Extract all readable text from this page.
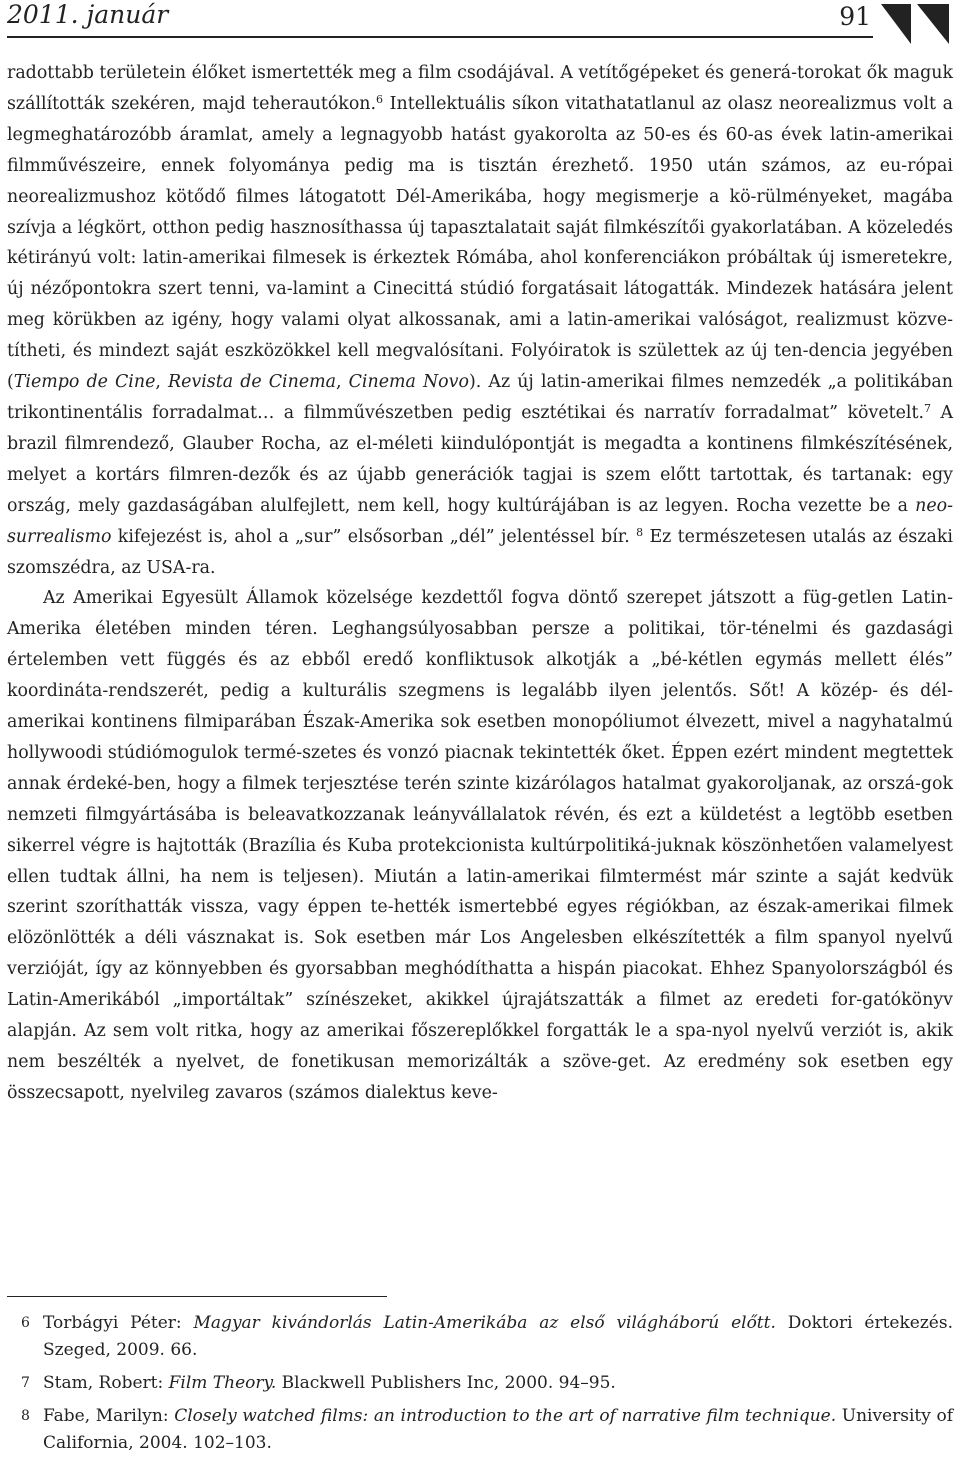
2011. január	91

radottabb területein élőket ismertették meg a film csodájával. A vetítőgépeket és generá-torokat ők maguk szállították szekéren, majd teherautókon.$^6$ Intellektuális síkon vitathatatlanul az olasz neorealizmus volt a legmeghatározóbb áramlat, amely a legnagyobb hatást gyakorolta az 50-es és 60-as évek latin-amerikai filmművészeire, ennek folyománya pedig ma is tisztán érezhető. 1950 után számos, az eu-rópai neorealizmushoz kötődő filmes látogatott Dél-Amerikába, hogy megismerje a kö-rülményeket, magába szívja a légkört, otthon pedig hasznosíthassa új tapasztalatait saját filmkészítői gyakorlatában. A közeledés kétirányú volt: latin-amerikai filmesek is érkeztek Rómába, ahol konferenciákon próbáltak új ismeretekre, új nézőpontokra szert tenni, va-lamint a Cinecittá stúdió forgatásait látogatták. Mindezek hatására jelent meg körükben az igény, hogy valami olyat alkossanak, ami a latin-amerikai valóságot, realizmust közve-títheti, és mindezt saját eszközökkel kell megvalósítani. Folyóiratok is születtek az új ten-dencia jegyében (Tiempo de Cine, Revista de Cinema, Cinema Novo). Az új latin-amerikai filmes nemzedék „a politikában trikontinentális forradalmat… a filmművészetben pedig esztétikai és narratív forradalmat” követelt.$^7$ A brazil filmrendező, Glauber Rocha, az el-méleti kiindulópontját is megadta a kontinens filmkészítésének, melyet a kortárs filmren-dezők és az újabb generációk tagjai is szem előtt tartottak, és tartanak: egy ország, mely gazdaságában alulfejlett, nem kell, hogy kultúrájában is az legyen. Rocha vezette be a neo-surrealismo kifejezést is, ahol a „sur” elsősorban „dél” jelentéssel bír. $^8$ Ez természetesen utalás az északi szomszédra, az USA-ra.

Az Amerikai Egyesült Államok közelsége kezdettől fogva döntő szerepet játszott a füg-getlen Latin-Amerika életében minden téren. Leghangsúlyosabban persze a politikai, tör-ténelmi és gazdasági értelemben vett függés és az ebből eredő konfliktusok alkotják a „bé-kétlen egymás mellett élés” koordináta-rendszerét, pedig a kulturális szegmens is legalább ilyen jelentős. Sőt! A közép- és dél-amerikai kontinens filmiparában Észak-Amerika sok esetben monopóliumot élvezett, mivel a nagyhatalmú hollywoodi stúdiómogulok termé-szetes és vonzó piacnak tekintették őket. Éppen ezért mindent megtettek annak érdeké-ben, hogy a filmek terjesztése terén szinte kizárólagos hatalmat gyakoroljanak, az orszá-gok nemzeti filmgyártásába is beleavatkozzanak leányvállalatok révén, és ezt a küldetést a legtöbb esetben sikerrel végre is hajtották (Brazília és Kuba protekcionista kultúrpolitiká-juknak köszönhetően valamelyest ellen tudtak állni, ha nem is teljesen). Miután a latin-amerikai filmtermést már szinte a saját kedvük szerint szoríthatták vissza, vagy éppen te-hették ismertebbé egyes régiókban, az észak-amerikai filmek elözönlötték a déli vásznakat is. Sok esetben már Los Angelesben elkészítették a film spanyol nyelvű verzióját, így az könnyebben és gyorsabban meghódíthatta a hispán piacokat. Ehhez Spanyolországból és Latin-Amerikából „importáltak” színészeket, akikkel újrajátszatták a filmet az eredeti for-gatókönyv alapján. Az sem volt ritka, hogy az amerikai főszereplőkkel forgatták le a spa-nyol nyelvű verziót is, akik nem beszélték a nyelvet, de fonetikusan memorizálták a szöve-get. Az eredmény sok esetben egy összecsapott, nyelvileg zavaros (számos dialektus keve-

6 Torbágyi Péter: Magyar kivándorlás Latin-Amerikába az első világháború előtt. Doktori értekezés. Szeged, 2009. 66.
7 Stam, Robert: Film Theory. Blackwell Publishers Inc, 2000. 94–95.
8 Fabe, Marilyn: Closely watched films: an introduction to the art of narrative film technique. University of California, 2004. 102–103.
